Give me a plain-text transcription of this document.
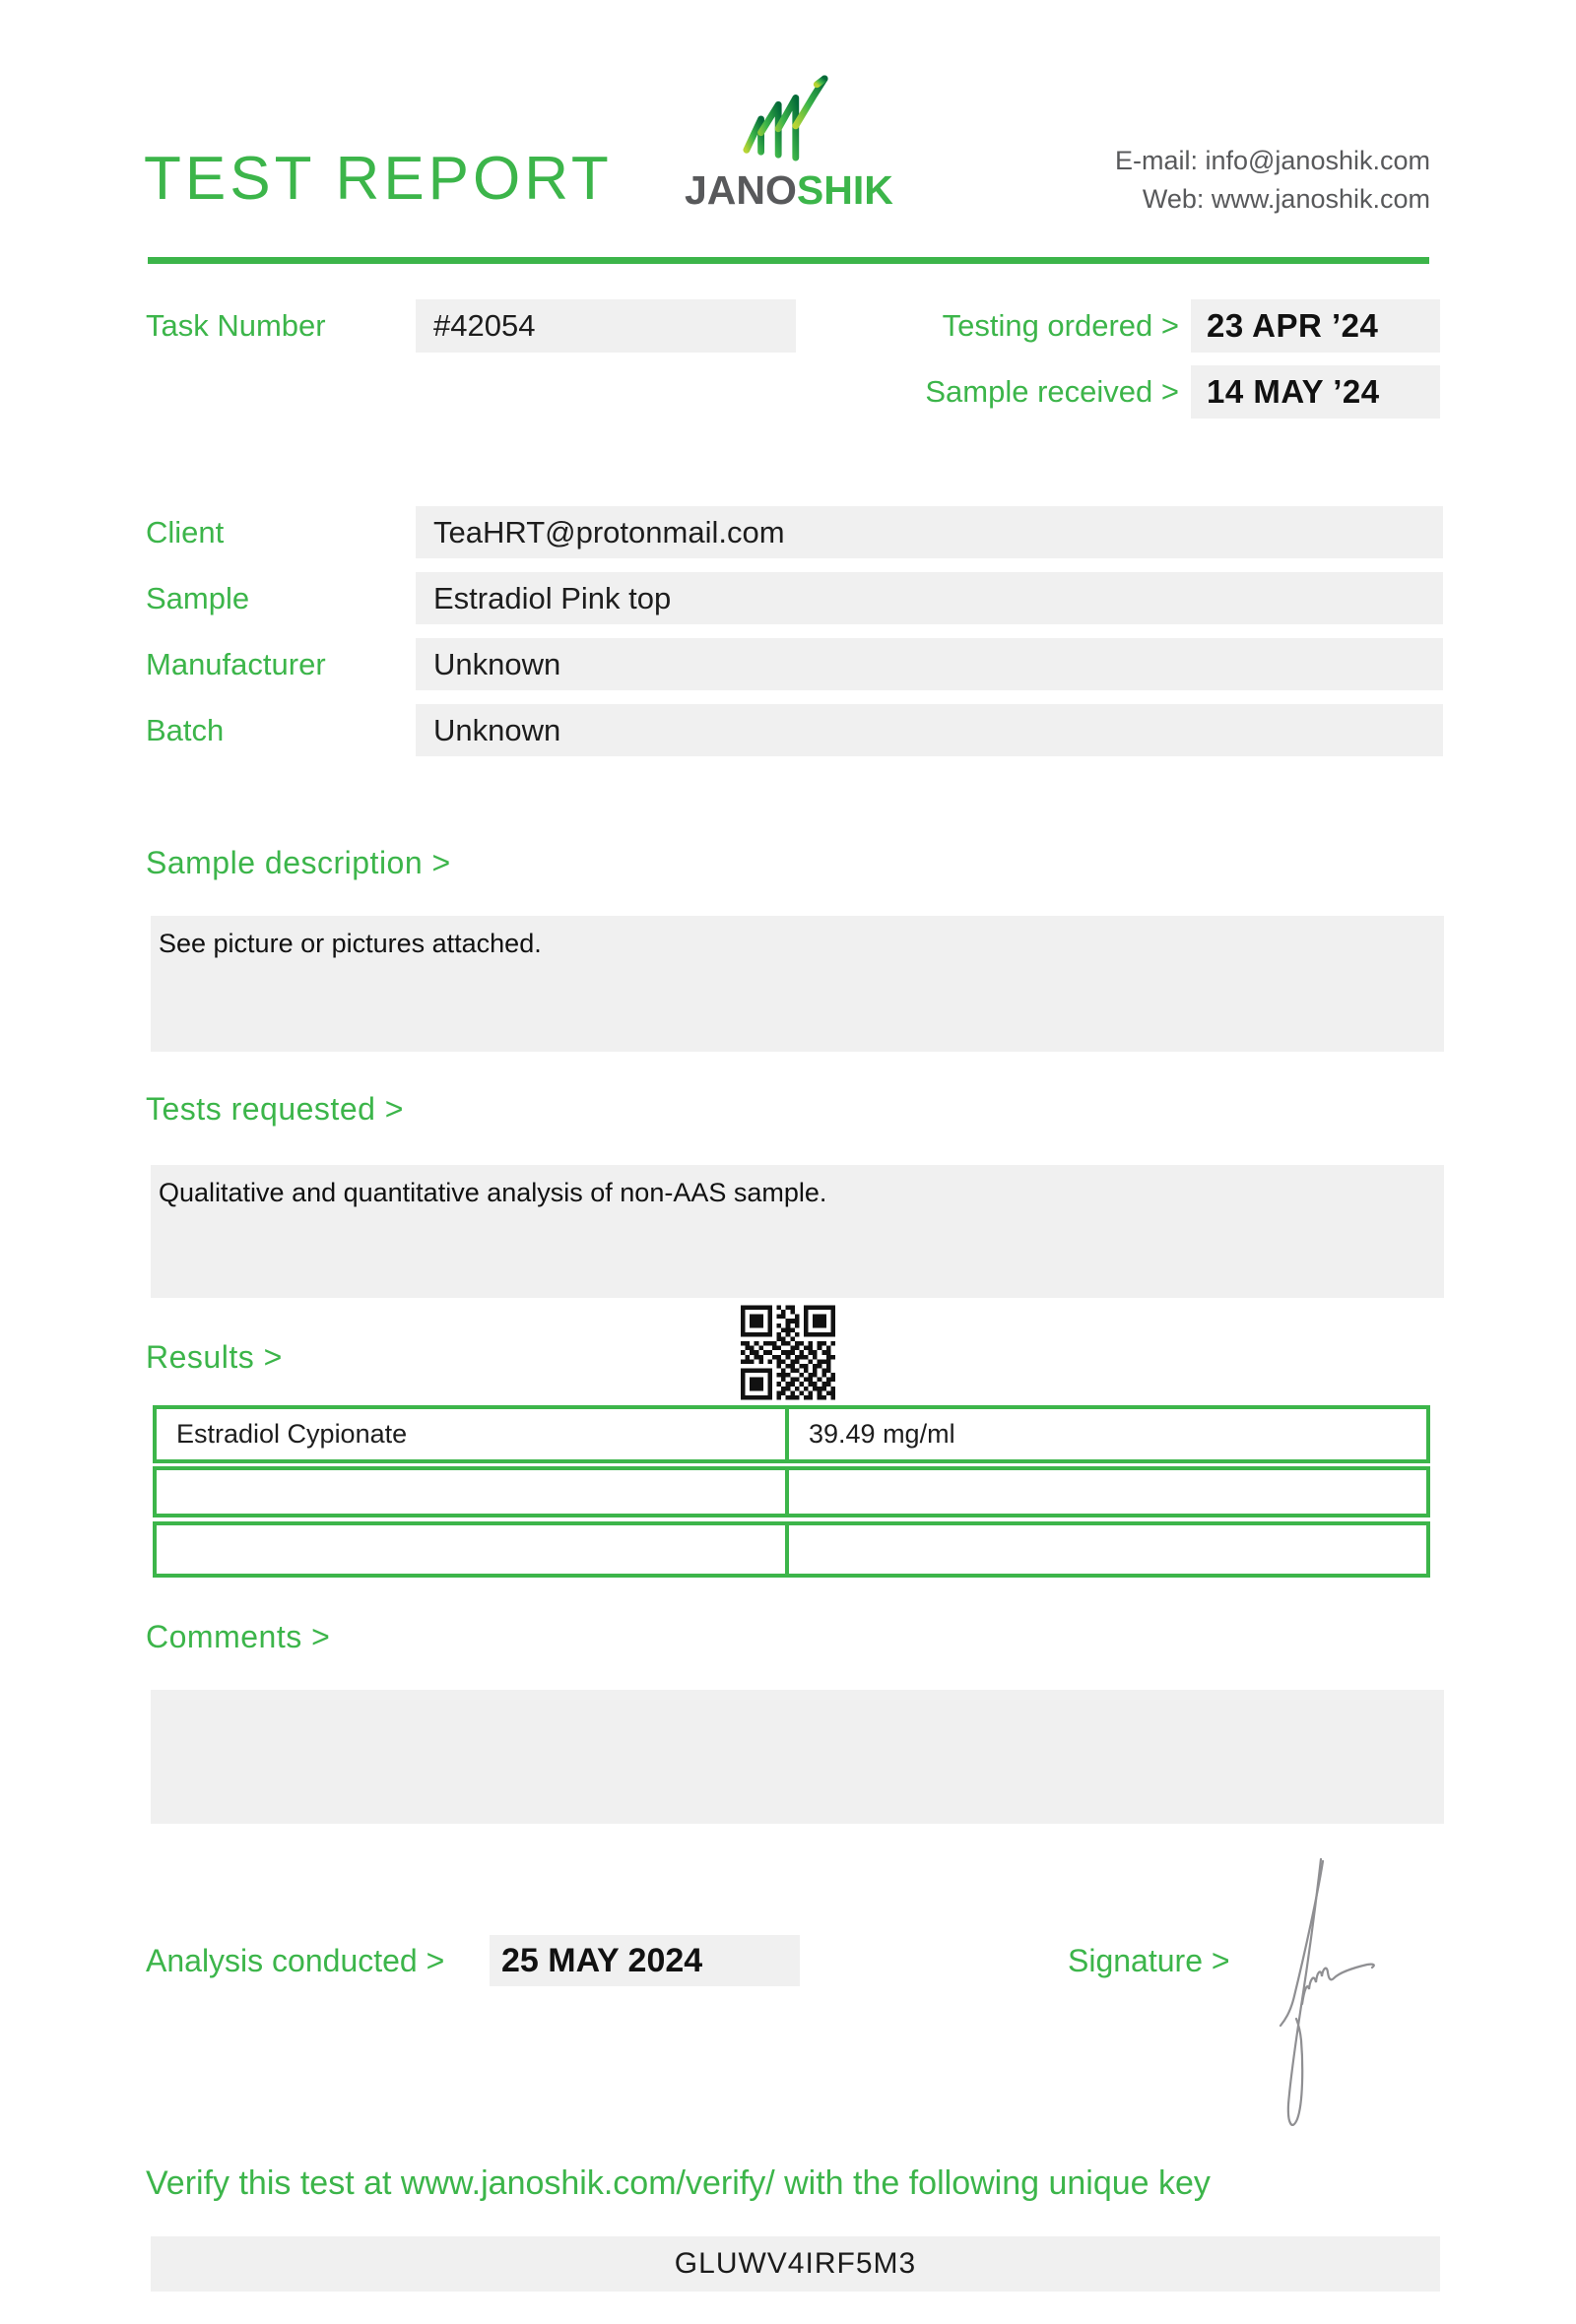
TEST REPORT JANOSHIK
E-mail: info@janoshik.com
Web: www.janoshik.com
Task Number	#42054	Testing ordered > 23 APR ’24
Sample received > 14 MAY ’24
Client	TeaHRT@protonmail.com
Sample	Estradiol Pink top
Manufacturer	Unknown
Batch	Unknown
Sample description >
See picture or pictures attached.
Tests requested >
Qualitative and quantitative analysis of non-AAS sample.
Results >
Estradiol Cypionate	39.49 mg/ml
Comments >
Analysis conducted >	25 MAY 2024	Signature >
Verify this test at www.janoshik.com/verify/ with the following unique key
GLUWV4IRF5M3
